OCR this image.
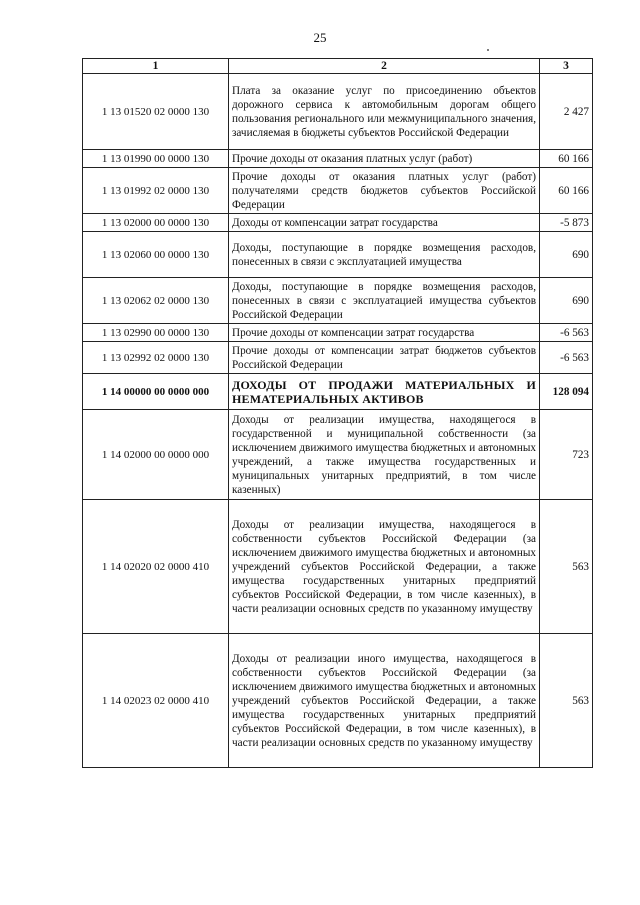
25
1	2	3
1 13 01520 02 0000 130	Плата за оказание услуг по присоединению объектов дорожного сервиса к автомобильным дорогам общего пользования регионального или межмуниципального значения, зачисляемая в бюджеты субъектов Российской Федерации	2 427
1 13 01990 00 0000 130	Прочие доходы от оказания платных услуг (работ)	60 166
1 13 01992 02 0000 130	Прочие доходы от оказания платных услуг (работ) получателями средств бюджетов субъектов Российской Федерации	60 166
1 13 02000 00 0000 130	Доходы от компенсации затрат государства	-5 873
1 13 02060 00 0000 130	Доходы, поступающие в порядке возмещения расходов, понесенных в связи с эксплуатацией имущества	690
1 13 02062 02 0000 130	Доходы, поступающие в порядке возмещения расходов, понесенных в связи с эксплуатацией имущества субъектов Российской Федерации	690
1 13 02990 00 0000 130	Прочие доходы от компенсации затрат государства	-6 563
1 13 02992 02 0000 130	Прочие доходы от компенсации затрат бюджетов субъектов Российской Федерации	-6 563
1 14 00000 00 0000 000	ДОХОДЫ ОТ ПРОДАЖИ МАТЕРИАЛЬНЫХ И НЕМАТЕРИАЛЬНЫХ АКТИВОВ	128 094
1 14 02000 00 0000 000	Доходы от реализации имущества, находящегося в государственной и муниципальной собственности (за исключением движимого имущества бюджетных и автономных учреждений, а также имущества государственных и муниципальных унитарных предприятий, в том числе казенных)	723
1 14 02020 02 0000 410	Доходы от реализации имущества, находящегося в собственности субъектов Российской Федерации (за исключением движимого имущества бюджетных и автономных учреждений субъектов Российской Федерации, а также имущества государственных унитарных предприятий субъектов Российской Федерации, в том числе казенных), в части реализации основных средств по указанному имуществу	563
1 14 02023 02 0000 410	Доходы от реализации иного имущества, находящегося в собственности субъектов Российской Федерации (за исключением движимого имущества бюджетных и автономных учреждений субъектов Российской Федерации, а также имущества государственных унитарных предприятий субъектов Российской Федерации, в том числе казенных), в части реализации основных средств по указанному имуществу	563
